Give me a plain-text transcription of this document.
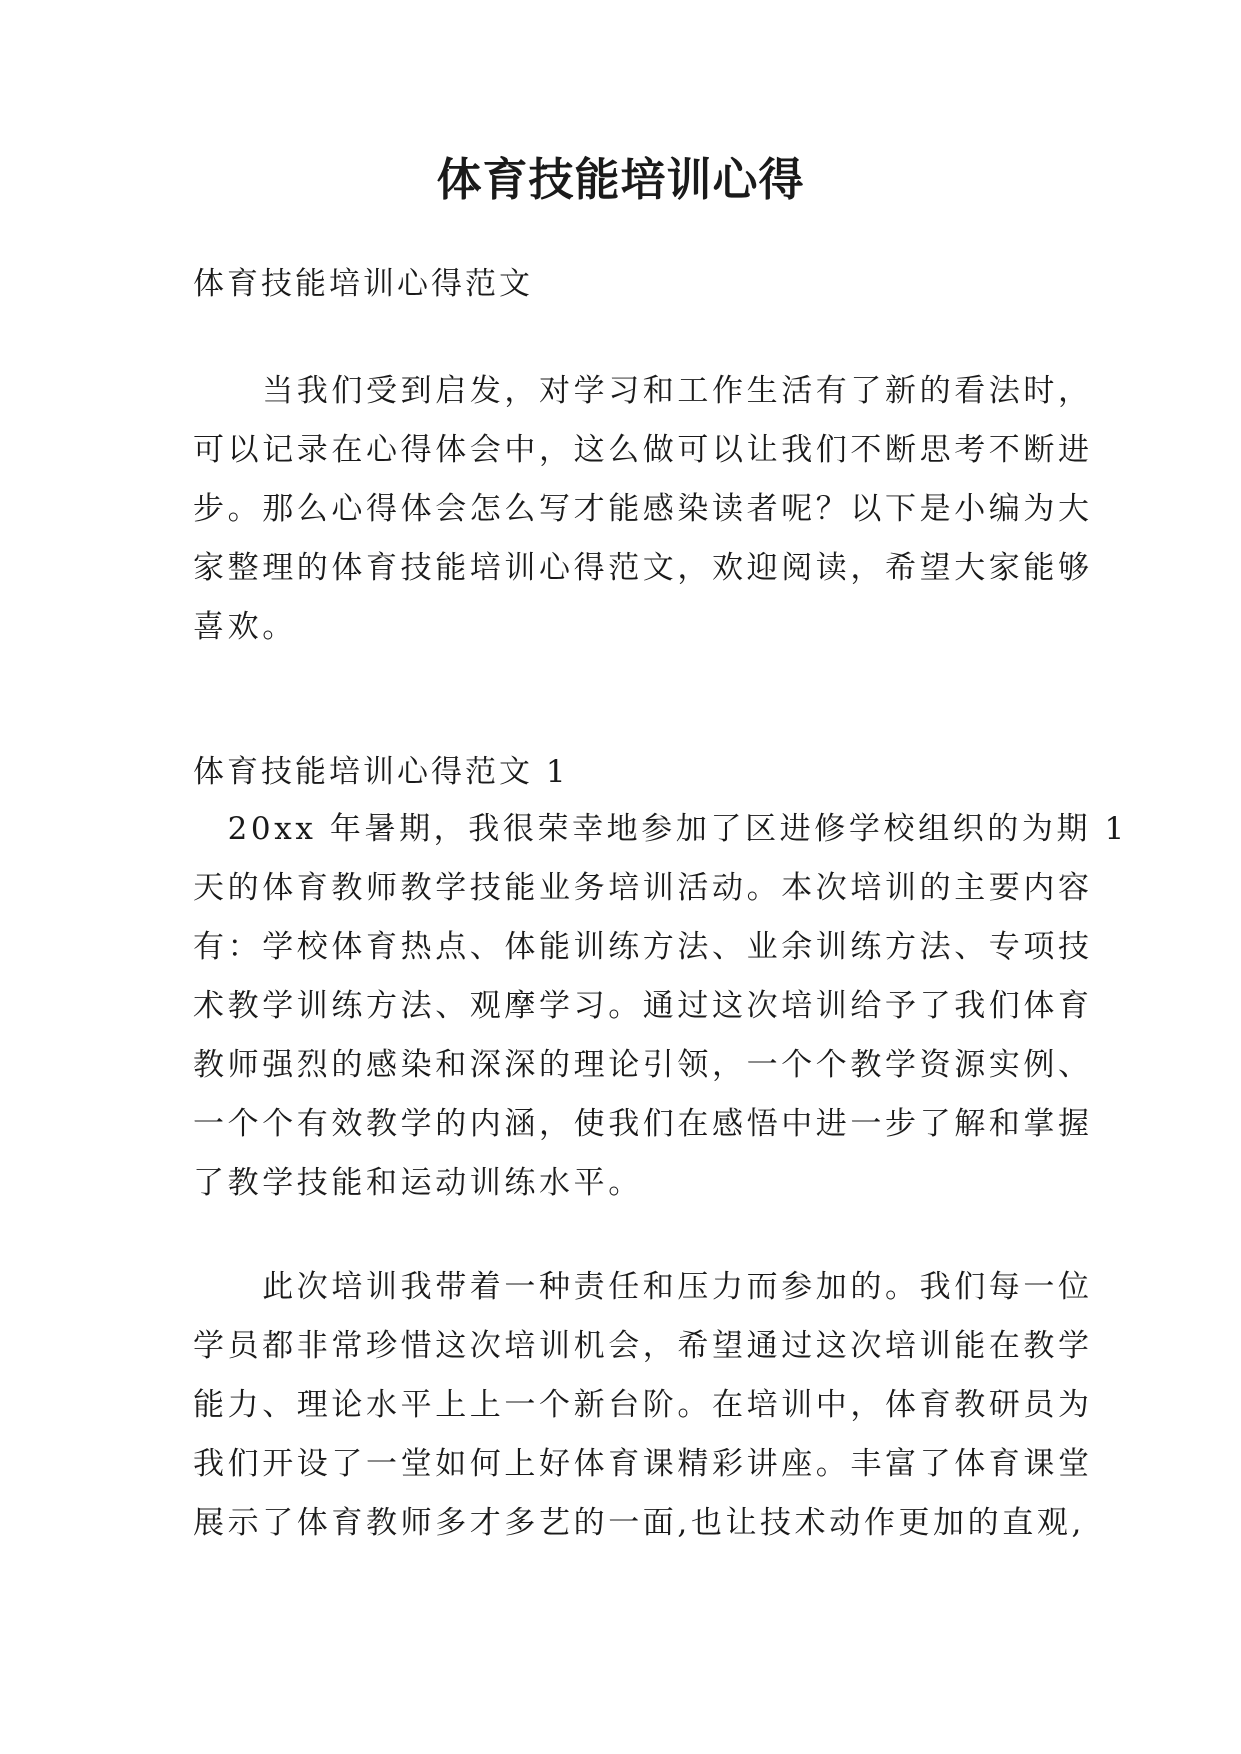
体育技能培训心得

体育技能培训心得范文

　　当我们受到启发，对学习和工作生活有了新的看法时，
可以记录在心得体会中，这么做可以让我们不断思考不断进
步。那么心得体会怎么写才能感染读者呢？以下是小编为大
家整理的体育技能培训心得范文，欢迎阅读，希望大家能够
喜欢。

体育技能培训心得范文 1

　20xx 年暑期，我很荣幸地参加了区进修学校组织的为期 1
天的体育教师教学技能业务培训活动。本次培训的主要内容
有：学校体育热点、体能训练方法、业余训练方法、专项技
术教学训练方法、观摩学习。通过这次培训给予了我们体育
教师强烈的感染和深深的理论引领，一个个教学资源实例、
一个个有效教学的内涵，使我们在感悟中进一步了解和掌握
了教学技能和运动训练水平。

　　此次培训我带着一种责任和压力而参加的。我们每一位
学员都非常珍惜这次培训机会，希望通过这次培训能在教学
能力、理论水平上上一个新台阶。在培训中，体育教研员为
我们开设了一堂如何上好体育课精彩讲座。丰富了体育课堂
展示了体育教师多才多艺的一面,也让技术动作更加的直观,
